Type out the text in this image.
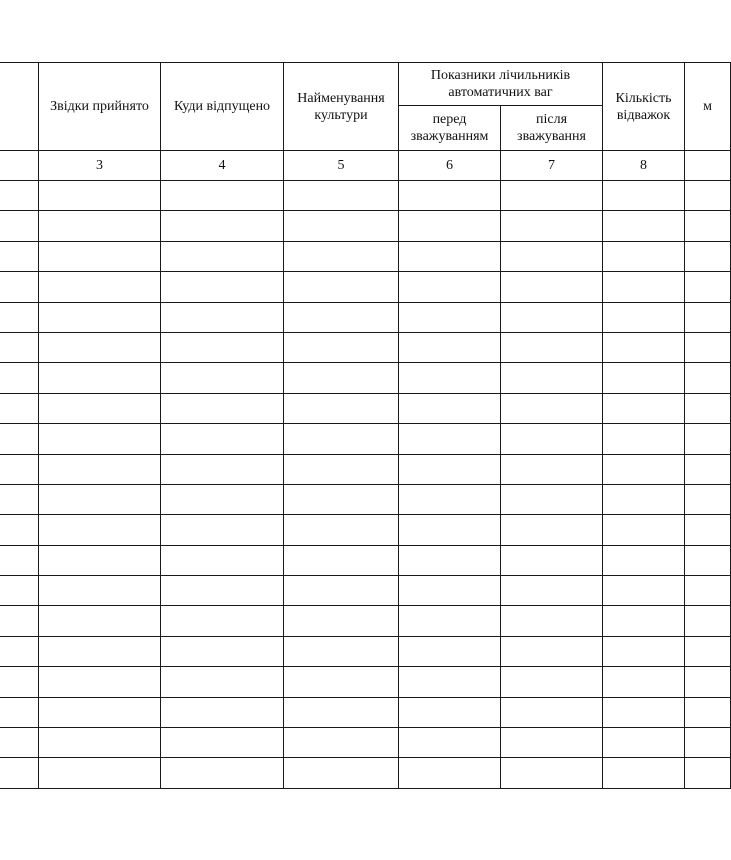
	Звідки прийнято	Куди відпущено	Найменування культури	Показники лічильників автоматичних ваг		Кількість відважок	м
				перед зважуванням	після зважування		
	3	4	5	6	7	8	
